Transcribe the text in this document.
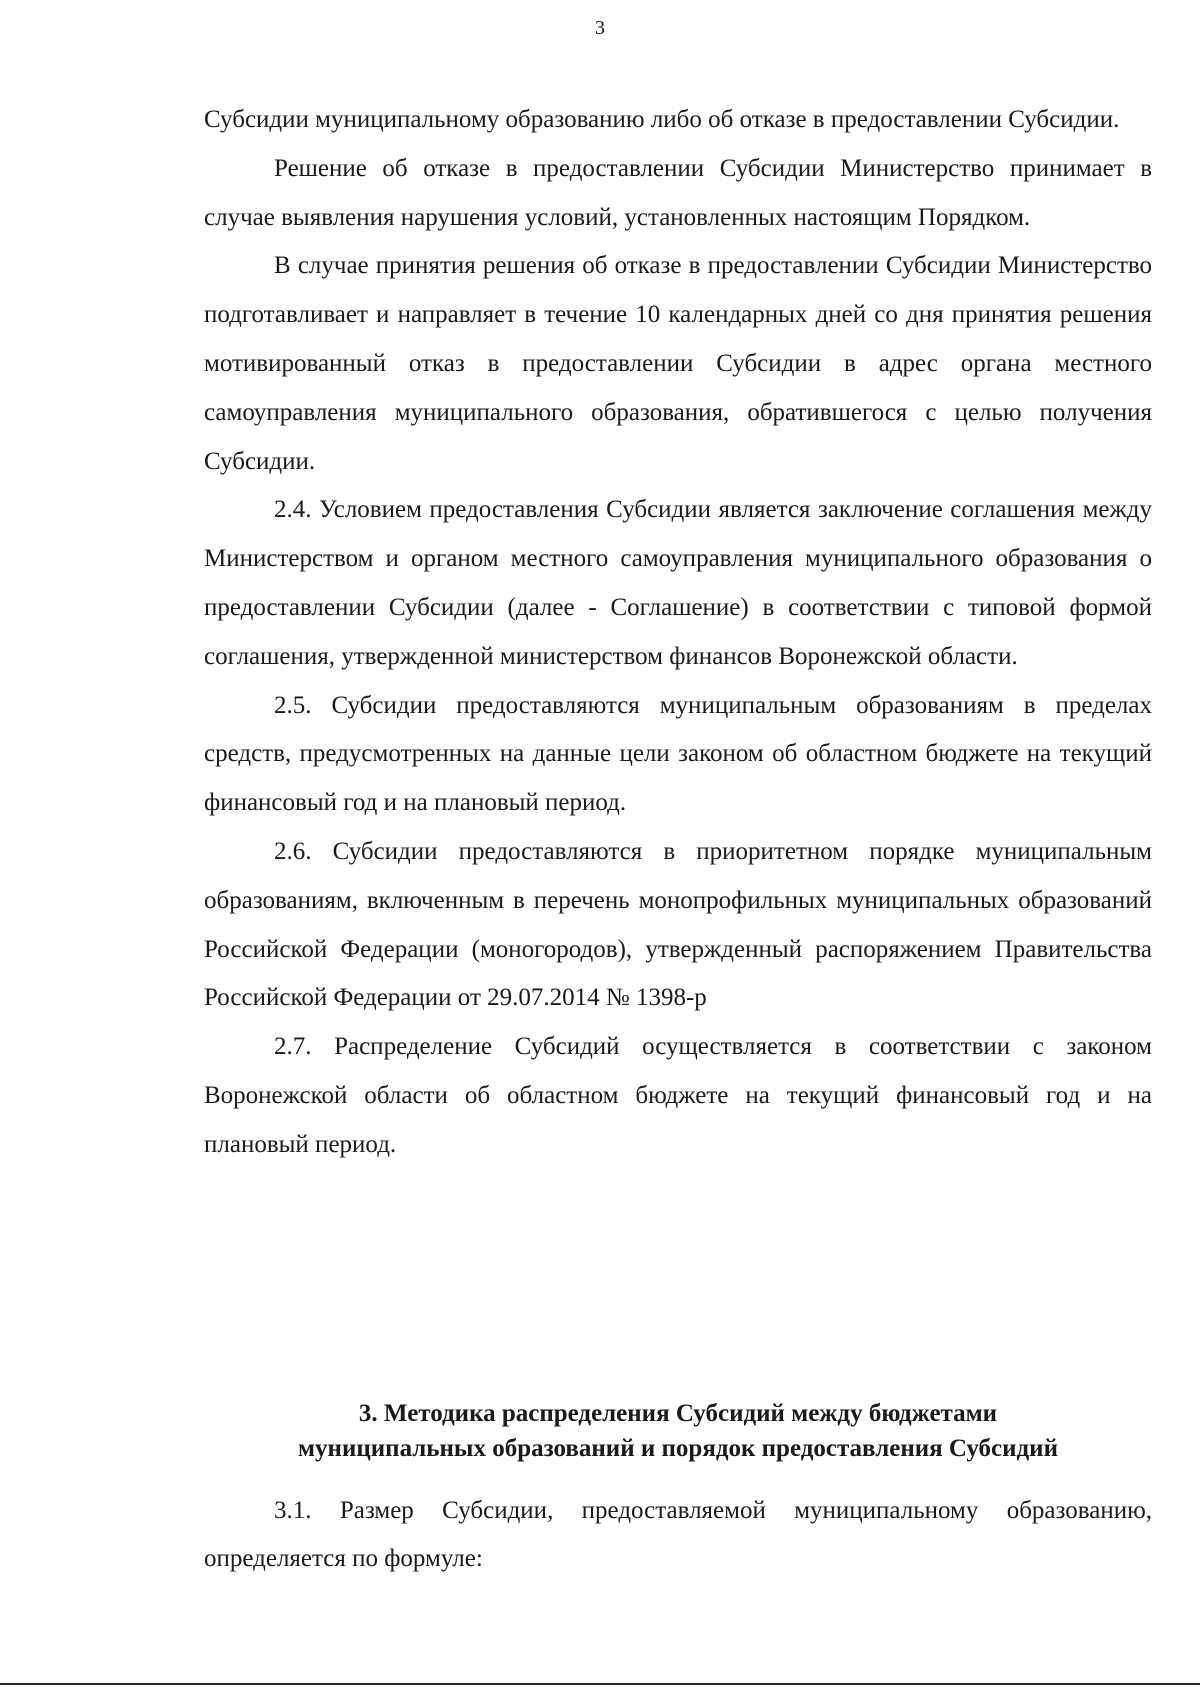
3

Субсидии муниципальному образованию либо об отказе в предоставлении Субсидии.

Решение об отказе в предоставлении Субсидии Министерство принимает в случае выявления нарушения условий, установленных настоящим Порядком.

В случае принятия решения об отказе в предоставлении Субсидии Министерство подготавливает и направляет в течение 10 календарных дней со дня принятия решения мотивированный отказ в предоставлении Субсидии в адрес органа местного самоуправления муниципального образования, обратившегося с целью получения Субсидии.

2.4. Условием предоставления Субсидии является заключение соглашения между Министерством и органом местного самоуправления муниципального образования о предоставлении Субсидии (далее - Соглашение) в соответствии с типовой формой соглашения, утвержденной министерством финансов Воронежской области.

2.5. Субсидии предоставляются муниципальным образованиям в пределах средств, предусмотренных на данные цели законом об областном бюджете на текущий финансовый год и на плановый период.

2.6. Субсидии предоставляются в приоритетном порядке муниципальным образованиям, включенным в перечень монопрофильных муниципальных образований Российской Федерации (моногородов), утвержденный распоряжением Правительства Российской Федерации от 29.07.2014 № 1398-р

2.7. Распределение Субсидий осуществляется в соответствии с законом Воронежской области об областном бюджете на текущий финансовый год и на плановый период.

3. Методика распределения Субсидий между бюджетами
муниципальных образований и порядок предоставления Субсидий

3.1. Размер Субсидии, предоставляемой муниципальному образованию, определяется по формуле:
